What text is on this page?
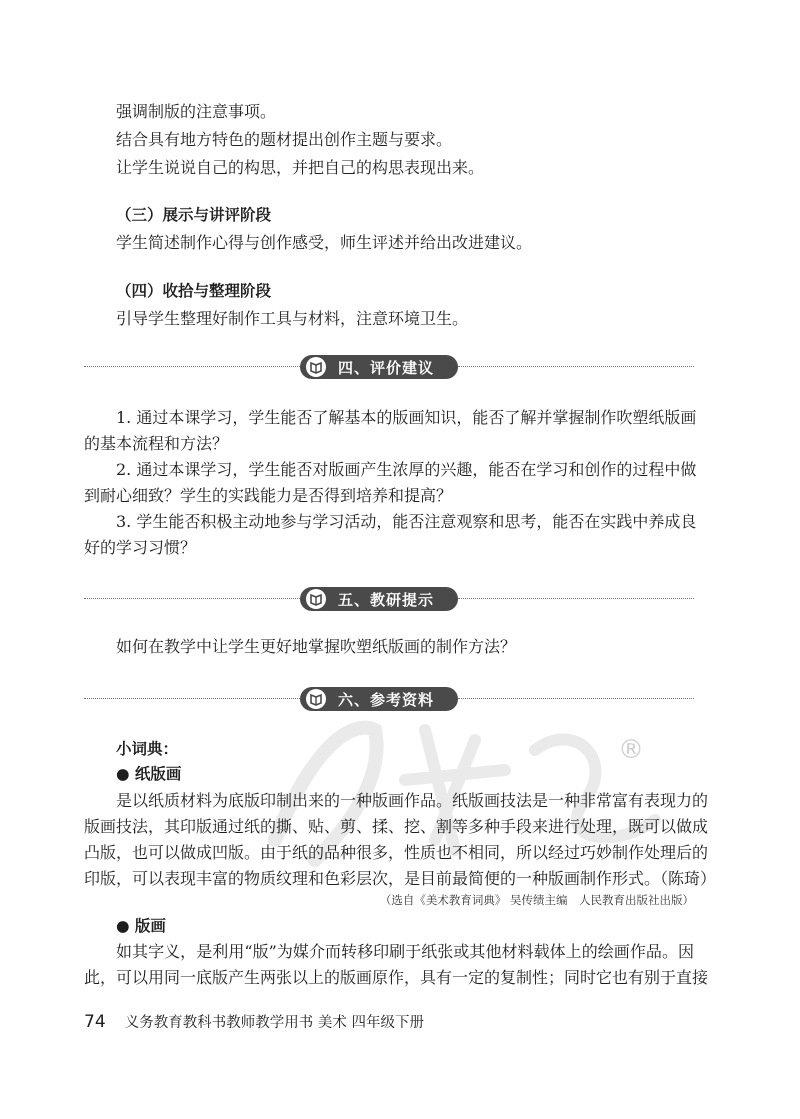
®
强调制版的注意事项。
结合具有地方特色的题材提出创作主题与要求。
让学生说说自己的构思，并把自己的构思表现出来。
（三）展示与讲评阶段
学生简述制作心得与创作感受，师生评述并给出改进建议。
（四）收拾与整理阶段
引导学生整理好制作工具与材料，注意环境卫生。
四、评价建议
1. 通过本课学习，学生能否了解基本的版画知识，能否了解并掌握制作吹塑纸版画
的基本流程和方法？
2. 通过本课学习，学生能否对版画产生浓厚的兴趣，能否在学习和创作的过程中做
到耐心细致？学生的实践能力是否得到培养和提高？
3. 学生能否积极主动地参与学习活动，能否注意观察和思考，能否在实践中养成良
好的学习习惯？
五、教研提示
如何在教学中让学生更好地掌握吹塑纸版画的制作方法？
六、参考资料
小词典：
● 纸版画
是以纸质材料为底版印制出来的一种版画作品。纸版画技法是一种非常富有表现力的
版画技法，其印版通过纸的撕、贴、剪、揉、挖、割等多种手段来进行处理，既可以做成
凸版，也可以做成凹版。由于纸的品种很多，性质也不相同，所以经过巧妙制作处理后的
印版，可以表现丰富的物质纹理和色彩层次，是目前最简便的一种版画制作形式。（陈琦）
（选自《美术教育词典》 吴传绩主编　人民教育出版社出版）
● 版画
如其字义，是利用“版”为媒介而转移印刷于纸张或其他材料载体上的绘画作品。因
此，可以用同一底版产生两张以上的版画原作，具有一定的复制性；同时它也有别于直接
74 义务教育教科书教师教学用书 美术 四年级下册
